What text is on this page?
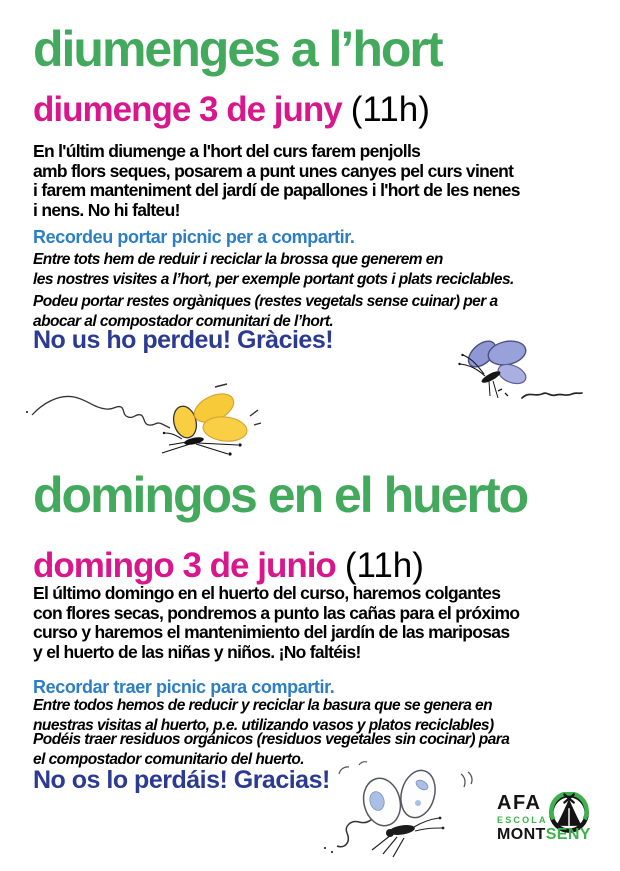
diumenges a l’hort
diumenge 3 de juny (11h)
En l'últim diumenge a l'hort del curs farem penjolls
amb flors seques, posarem a punt unes canyes pel curs vinent
i farem manteniment del jardí de papallones i l'hort de les nenes
i nens. No hi falteu!
Recordeu portar picnic per a compartir.
Entre tots hem de reduir i reciclar la brossa que generem en
les nostres visites a l’hort, per exemple portant gots i plats reciclables.
Podeu portar restes orgàniques (restes vegetals sense cuinar) per a
abocar al compostador comunitari de l’hort.
No us ho perdeu! Gràcies!
domingos en el huerto
domingo 3 de junio (11h)
El último domingo en el huerto del curso, haremos colgantes
con flores secas, pondremos a punto las cañas para el próximo
curso y haremos el mantenimiento del jardín de las mariposas
y el huerto de las niñas y niños. ¡No faltéis!
Recordar traer picnic para compartir.
Entre todos hemos de reducir y reciclar la basura que se genera en
nuestras visitas al huerto, p.e. utilizando vasos y platos reciclables)
Podéis traer residuos orgánicos (residuos vegetales sin cocinar) para
el compostador comunitario del huerto.
No os lo perdáis! Gracias!
AFA
ESCOLA
MONTSENY
